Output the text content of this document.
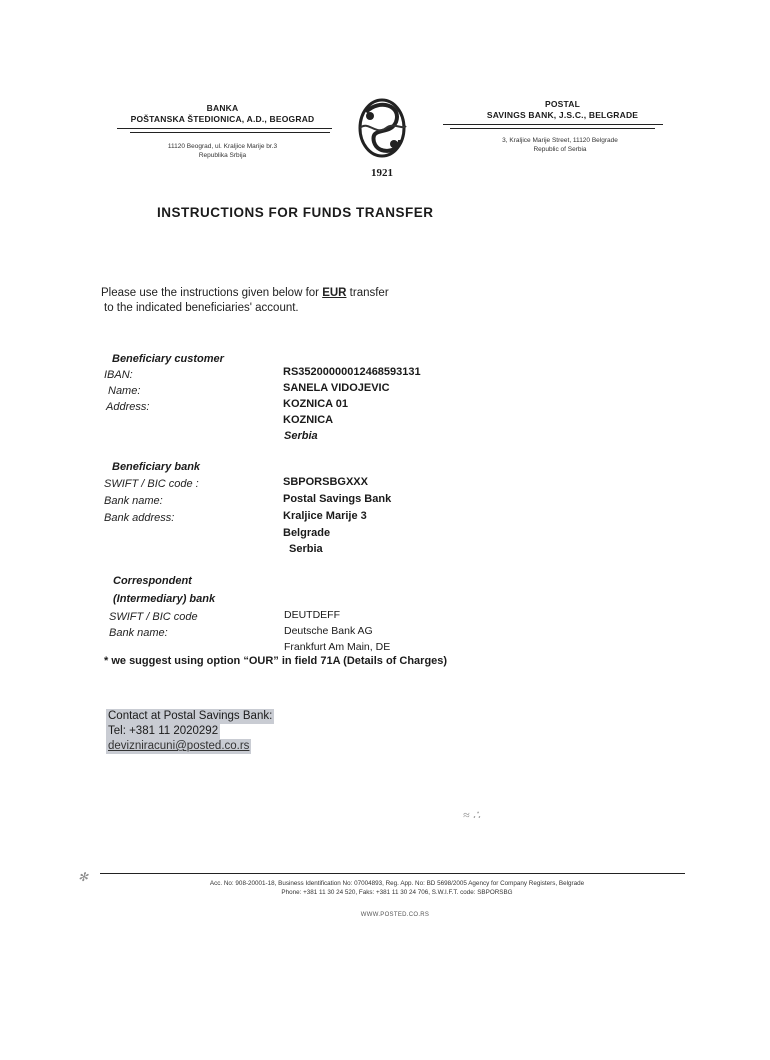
BANKA
POŠTANSKA ŠTEDIONICA, A.D., BEOGRAD
11120 Beograd, ul. Kraljice Marije br.3
Republika Srbija
1921
POSTAL
SAVINGS BANK, J.S.C., BELGRADE
3, Kraljice Marije Street, 11120 Belgrade
Republic of Serbia
INSTRUCTIONS FOR FUNDS TRANSFER
Please use the instructions given below for EUR transfer
to the indicated beneficiaries' account.
Beneficiary customer
IBAN:	RS35200000012468593131
Name:	SANELA VIDOJEVIC
Address:	KOZNICA 01
KOZNICA
Serbia
Beneficiary bank
SWIFT / BIC code :	SBPORSBGXXX
Bank name:	Postal Savings Bank
Bank address:	Kraljice Marije 3
Belgrade
Serbia
Correspondent
(Intermediary) bank
SWIFT / BIC code	DEUTDEFF
Bank name:	Deutsche Bank AG
Frankfurt Am Main, DE
* we suggest using option “OUR” in field 71A (Details of Charges)
Contact at Postal Savings Bank:
Tel: +381 11 2020292
devizniracuni@posted.co.rs
≈ ∴
✻	Acc. No: 908-20001-18, Business Identification No: 07004893, Reg. App. No: BD 5698/2005 Agency for Company Registers, Belgrade
Phone: +381 11 30 24 520, Faks: +381 11 30 24 706, S.W.I.F.T. code: SBPORSBG
WWW.POSTED.CO.RS
